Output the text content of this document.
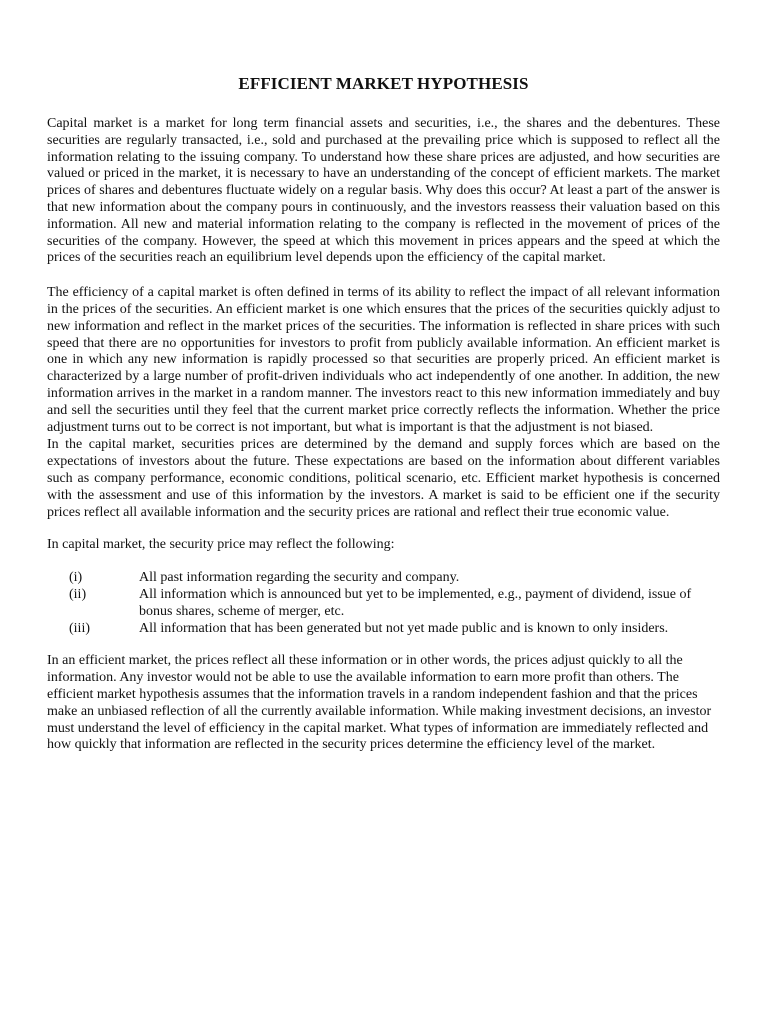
EFFICIENT MARKET HYPOTHESIS

Capital market is a market for long term financial assets and securities, i.e., the shares and the debentures. These securities are regularly transacted, i.e., sold and purchased at the prevailing price which is supposed to reflect all the information relating to the issuing company. To understand how these share prices are adjusted, and how securities are valued or priced in the market, it is necessary to have an understanding of the concept of efficient markets. The market prices of shares and debentures fluctuate widely on a regular basis. Why does this occur? At least a part of the answer is that new information about the company pours in continuously, and the investors reassess their valuation based on this information. All new and material information relating to the company is reflected in the movement of prices of the securities of the company. However, the speed at which this movement in prices appears and the speed at which the prices of the securities reach an equilibrium level depends upon the efficiency of the capital market.

The efficiency of a capital market is often defined in terms of its ability to reflect the impact of all relevant information in the prices of the securities. An efficient market is one which ensures that the prices of the securities quickly adjust to new information and reflect in the market prices of the securities. The information is reflected in share prices with such speed that there are no opportunities for investors to profit from publicly available information. An efficient market is one in which any new information is rapidly processed so that securities are properly priced. An efficient market is characterized by a large number of profit-driven individuals who act independently of one another. In addition, the new information arrives in the market in a random manner. The investors react to this new information immediately and buy and sell the securities until they feel that the current market price correctly reflects the information. Whether the price adjustment turns out to be correct is not important, but what is important is that the adjustment is not biased.

In the capital market, securities prices are determined by the demand and supply forces which are based on the expectations of investors about the future. These expectations are based on the information about different variables such as company performance, economic conditions, political scenario, etc. Efficient market hypothesis is concerned with the assessment and use of this information by the investors. A market is said to be efficient one if the security prices reflect all available information and the security prices are rational and reflect their true economic value.

In capital market, the security price may reflect the following:

(i)	All past information regarding the security and company.
(ii)	All information which is announced but yet to be implemented, e.g., payment of dividend, issue of bonus shares, scheme of merger, etc.
(iii)	All information that has been generated but not yet made public and is known to only insiders.

In an efficient market, the prices reflect all these information or in other words, the prices adjust quickly to all the information. Any investor would not be able to use the available information to earn more profit than others. The efficient market hypothesis assumes that the information travels in a random independent fashion and that the prices make an unbiased reflection of all the currently available information. While making investment decisions, an investor must understand the level of efficiency in the capital market. What types of information are immediately reflected and how quickly that information are reflected in the security prices determine the efficiency level of the market.
